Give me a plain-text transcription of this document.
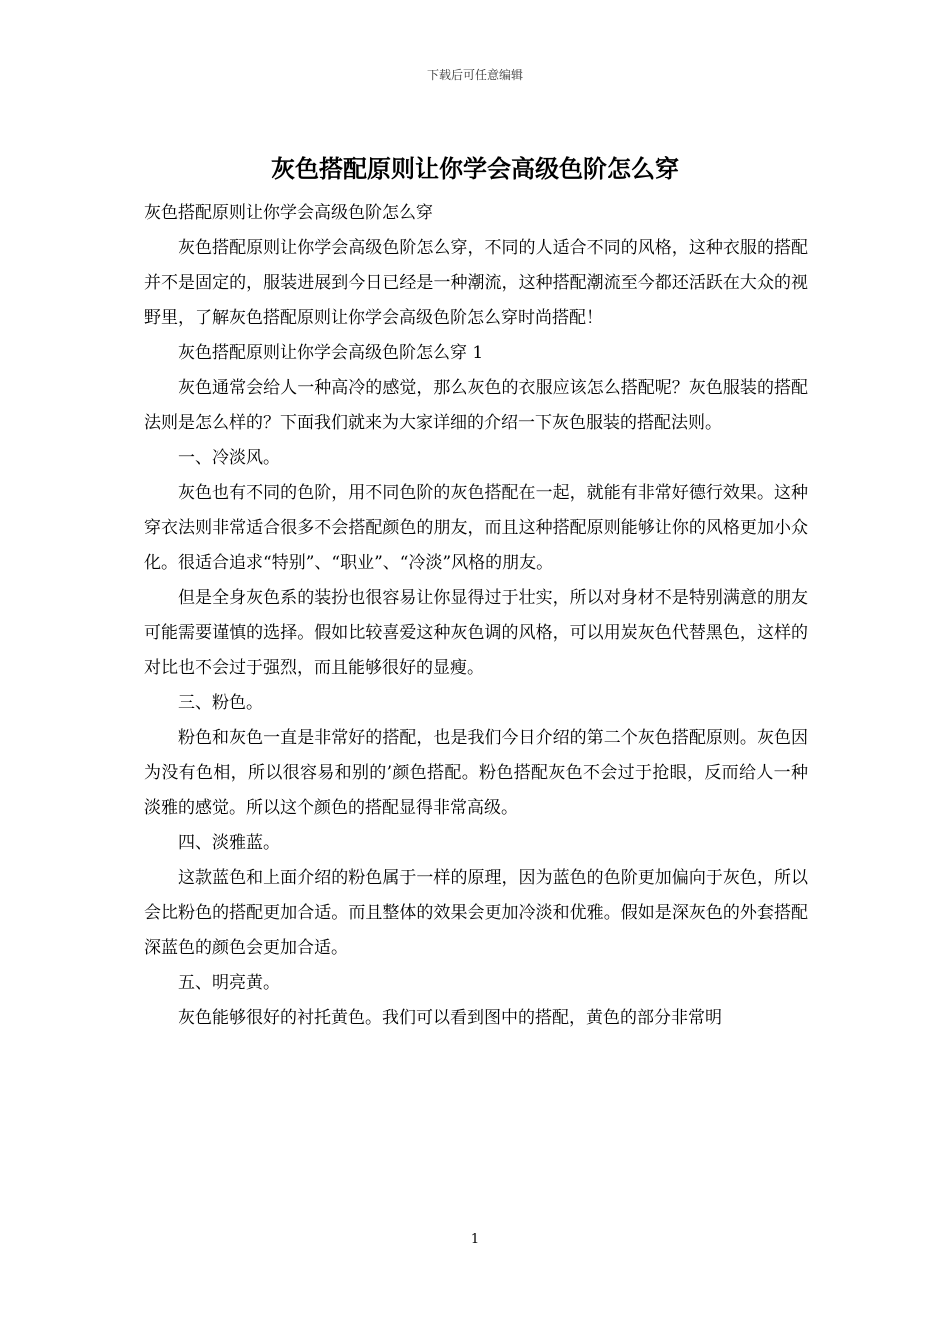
下载后可任意编辑
灰色搭配原则让你学会高级色阶怎么穿

灰色搭配原则让你学会高级色阶怎么穿

灰色搭配原则让你学会高级色阶怎么穿，不同的人适合不同的风格，这种衣服的搭配并不是固定的，服装进展到今日已经是一种潮流，这种搭配潮流至今都还活跃在大众的视野里，了解灰色搭配原则让你学会高级色阶怎么穿时尚搭配！

灰色搭配原则让你学会高级色阶怎么穿 1

灰色通常会给人一种高冷的感觉，那么灰色的衣服应该怎么搭配呢？灰色服装的搭配法则是怎么样的？下面我们就来为大家详细的介绍一下灰色服装的搭配法则。

一、冷淡风。

灰色也有不同的色阶，用不同色阶的灰色搭配在一起，就能有非常好德行效果。这种穿衣法则非常适合很多不会搭配颜色的朋友，而且这种搭配原则能够让你的风格更加小众化。很适合追求“特别”、“职业”、“冷淡”风格的朋友。

但是全身灰色系的装扮也很容易让你显得过于壮实，所以对身材不是特别满意的朋友可能需要谨慎的选择。假如比较喜爱这种灰色调的风格，可以用炭灰色代替黑色，这样的对比也不会过于强烈，而且能够很好的显瘦。

三、粉色。

粉色和灰色一直是非常好的搭配，也是我们今日介绍的第二个灰色搭配原则。灰色因为没有色相，所以很容易和别的’颜色搭配。粉色搭配灰色不会过于抢眼，反而给人一种淡雅的感觉。所以这个颜色的搭配显得非常高级。

四、淡雅蓝。

这款蓝色和上面介绍的粉色属于一样的原理，因为蓝色的色阶更加偏向于灰色，所以会比粉色的搭配更加合适。而且整体的效果会更加冷淡和优雅。假如是深灰色的外套搭配深蓝色的颜色会更加合适。

五、明亮黄。

灰色能够很好的衬托黄色。我们可以看到图中的搭配，黄色的部分非常明

1
